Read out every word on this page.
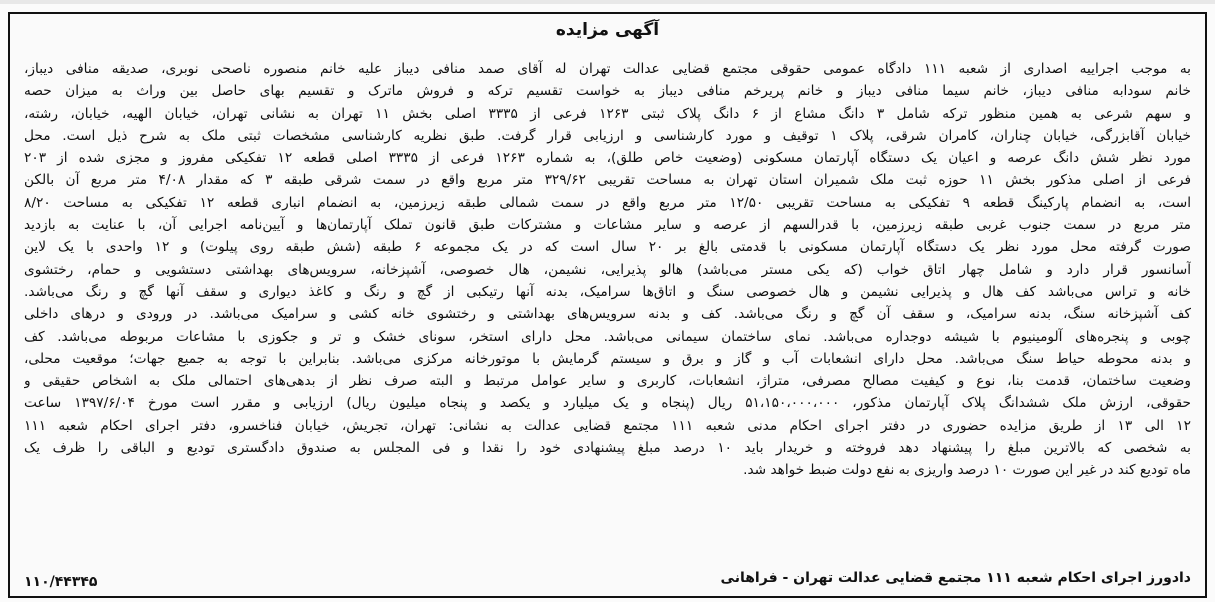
آگهی مزایده
به موجب اجراییه اصداری از شعبه ۱۱۱ دادگاه عمومی حقوقی مجتمع قضایی عدالت تهران له آقای صمد منافی دیباز علیه خانم منصوره ناصحی نوبری، صدیقه منافی دیباز،
خانم سودابه منافی دیباز، خانم سیما منافی دیباز و خانم پریرخم منافی دیباز به خواست تقسیم ترکه و فروش ماترک و تقسیم بهای حاصل بین وراث به میزان حصه
و سهم شرعی به همین منظور ترکه شامل ۳ دانگ مشاع از ۶ دانگ پلاک ثبتی ۱۲۶۳ فرعی از ۳۳۳۵ اصلی بخش ۱۱ تهران به نشانی تهران، خیابان الهیه، خیابان، رشته،
خیابان آقابزرگی، خیابان چناران، کامران شرقی، پلاک ۱ توقیف و مورد کارشناسی و ارزیابی قرار گرفت. طبق نظریه کارشناسی مشخصات ثبتی ملک به شرح ذیل است. محل
مورد نظر شش دانگ عرصه و اعیان یک دستگاه آپارتمان مسکونی (وضعیت خاص طلق)، به شماره ۱۲۶۳ فرعی از ۳۳۳۵ اصلی قطعه ۱۲ تفکیکی مفروز و مجزی شده از ۲۰۳
فرعی از اصلی مذکور بخش ۱۱ حوزه ثبت ملک شمیران استان تهران به مساحت تقریبی ۳۲۹/۶۲ متر مربع واقع در سمت شرقی طبقه ۳ که مقدار ۴/۰۸ متر مربع آن بالکن
است، به انضمام پارکینگ قطعه ۹ تفکیکی به مساحت تقریبی ۱۲/۵۰ متر مربع واقع در سمت شمالی طبقه زیرزمین، به انضمام انباری قطعه ۱۲ تفکیکی به مساحت ۸/۲۰
متر مربع در سمت جنوب غربی طبقه زیرزمین، با قدرالسهم از عرصه و سایر مشاعات و مشترکات طبق قانون تملک آپارتمان‌ها و آیین‌نامه اجرایی آن، با عنایت به بازدید
صورت گرفته محل مورد نظر یک دستگاه آپارتمان مسکونی با قدمتی بالغ بر ۲۰ سال است که در یک مجموعه ۶ طبقه (شش طبقه روی پیلوت) و ۱۲ واحدی با یک لاین
آسانسور قرار دارد و شامل چهار اتاق خواب (که یکی مستر می‌باشد) هالو پذیرایی، نشیمن، هال خصوصی، آشپزخانه، سرویس‌های بهداشتی دستشویی و حمام، رختشوی
خانه و تراس می‌باشد کف هال و پذیرایی نشیمن و هال خصوصی سنگ و اتاق‌ها سرامیک، بدنه آنها رتیکبی از گچ و رنگ و کاغذ دیواری و سقف آنها گچ و رنگ می‌باشد.
کف آشپزخانه سنگ، بدنه سرامیک، و سقف آن گچ و رنگ می‌باشد. کف و بدنه سرویس‌های بهداشتی و رختشوی خانه کشی و سرامیک می‌باشد. در ورودی و درهای داخلی
چوبی و پنجره‌های آلومینیوم با شیشه دوجداره می‌باشد. نمای ساختمان سیمانی می‌باشد. محل دارای استخر، سونای خشک و تر و جکوزی با مشاعات مربوطه می‌باشد. کف
و بدنه محوطه حیاط سنگ می‌باشد. محل دارای انشعابات آب و گاز و برق و سیستم گرمایش با موتورخانه مرکزی می‌باشد. بنابراین با توجه به جمیع جهات؛ موقعیت محلی،
وضعیت ساختمان، قدمت بنا، نوع و کیفیت مصالح مصرفی، متراژ، انشعابات، کاربری و سایر عوامل مرتبط و البته صرف نظر از بدهی‌های احتمالی ملک به اشخاص حقیقی و
حقوقی، ارزش ملک ششدانگ پلاک آپارتمان مذکور، ۵۱،۱۵۰،۰۰۰،۰۰۰ ریال (پنجاه و یک میلیارد و یکصد و پنجاه میلیون ریال) ارزیابی و مقرر است مورخ ۱۳۹۷/۶/۰۴ ساعت
۱۲ الی ۱۳ از طریق مزایده حضوری در دفتر اجرای احکام مدنی شعبه ۱۱۱ مجتمع قضایی عدالت به نشانی: تهران، تجریش، خیابان فناخسرو، دفتر اجرای احکام شعبه ۱۱۱
به شخصی که بالاترین مبلغ را پیشنهاد دهد فروخته و خریدار باید ۱۰ درصد مبلغ پیشنهادی خود را نقدا و فی المجلس به صندوق دادگستری تودیع و الباقی را ظرف یک
ماه تودیع کند در غیر این صورت ۱۰ درصد واریزی به نفع دولت ضبط خواهد شد.
دادورز اجرای احکام شعبه ۱۱۱ مجتمع قضایی عدالت تهران - فراهانی
۱۱۰/۴۴۳۴۵
